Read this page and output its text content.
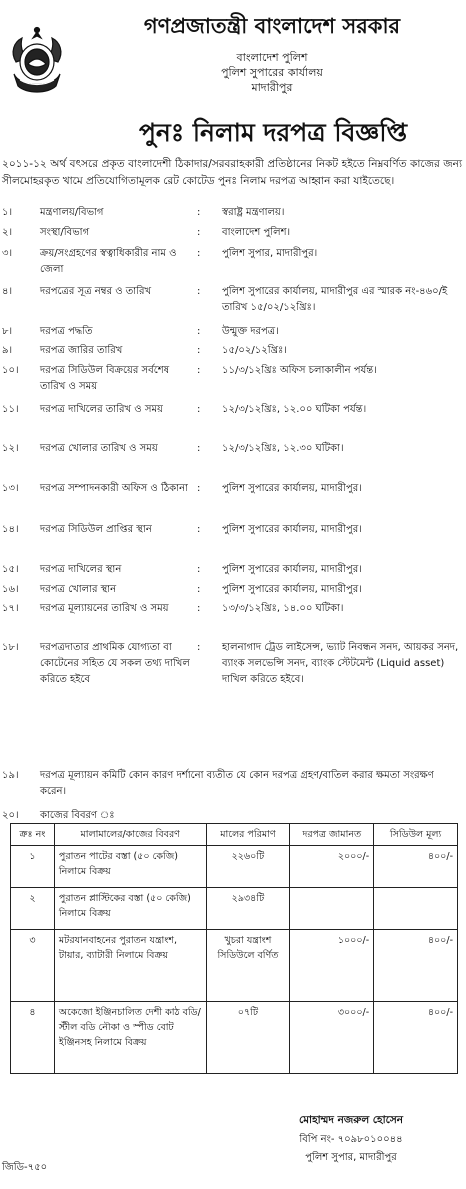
গণপ্রজাতন্ত্রী বাংলাদেশ সরকার
বাংলাদেশ পুলিশ
পুলিশ সুপারের কার্যালয়
মাদারীপুর
পুনঃ নিলাম দরপত্র বিজ্ঞপ্তি
২০১১-১২ অর্থ বৎসরে প্রকৃত বাংলাদেশী ঠিকাদার/সরবরাহকারী প্রতিষ্ঠানের নিকট হইতে নিম্নবর্ণিত কাজের জন্য সীলমোহরকৃত খামে প্রতিযোগিতামূলক রেট কোটেড পুনঃ নিলাম দরপত্র আহ্বান করা যাইতেছে।
১।	মন্ত্রণালয়/বিভাগ	:	স্বরাষ্ট্র মন্ত্রণালয়।
২।	সংস্থা/বিভাগ	:	বাংলাদেশ পুলিশ।
৩।	ক্রয়/সংগ্রহণের স্বত্বাধিকারীর নাম ও জেলা
:	পুলিশ সুপার, মাদারীপুর।
৪।	দরপত্রের সূত্র নম্বর ও তারিখ	:	পুলিশ সুপারের কার্যালয়, মাদারীপুর এর স্মারক নং-৪৬০/ই তারিখ ১৫/০২/১২খ্রিঃ।
৮।	দরপত্র পদ্ধতি	:	উন্মুক্ত দরপত্র।
৯।	দরপত্র জারির তারিখ	:	১৫/০২/১২খ্রিঃ।
১০।	দরপত্র সিডিউল বিক্রয়ের সর্বশেষ তারিখ ও সময়
:	১১/৩/১২খ্রিঃ অফিস চলাকালীন পর্যন্ত।
১১।	দরপত্র দাখিলের তারিখ ও সময়	:	১২/৩/১২খ্রিঃ, ১২.০০ ঘটিকা পর্যন্ত।
১২।	দরপত্র খোলার তারিখ ও সময়	:	১২/৩/১২খ্রিঃ, ১২.৩০ ঘটিকা।
১৩।	দরপত্র সম্পাদনকারী অফিস ও ঠিকানা :	পুলিশ সুপারের কার্যালয়, মাদারীপুর।
১৪।	দরপত্র সিডিউল প্রাপ্তির স্থান	:	পুলিশ সুপারের কার্যালয়, মাদারীপুর।
১৫।	দরপত্র দাখিলের স্থান	:	পুলিশ সুপারের কার্যালয়, মাদারীপুর।
১৬।	দরপত্র খোলার স্থান	:	পুলিশ সুপারের কার্যালয়, মাদারীপুর।
১৭।	দরপত্র মূল্যায়নের তারিখ ও সময়	:	১৩/৩/১২খ্রিঃ, ১৪.০০ ঘটিকা।
১৮।	দরপত্রদাতার প্রাথমিক যোগ্যতা বা কোটেনের সহিত যে সকল তথ্য দাখিল করিতে হইবে
:	হালনাগাদ ট্রেড লাইসেন্স, ভ্যাট নিবন্ধন সনদ, আয়কর সনদ, ব্যাংক সলভেন্সি সনদ, ব্যাংক স্টেটমেন্ট (Liquid asset) দাখিল করিতে হইবে।
১৯।	দরপত্র মূল্যায়ন কমিটি কোন কারণ দর্শানো ব্যতীত যে কোন দরপত্র গ্রহণ/বাতিল করার ক্ষমতা সংরক্ষণ করেন।
২০। কাজের বিবরণ ঃ
ক্রঃ নং	মালামালের/কাজের বিবরণ	মালের পরিমাণ	দরপত্র জামানত	সিডিউল মূল্য
১	পুরাতন পাটের বস্তা (৫০ কেজি) নিলামে বিক্রয়	২২৬০টি	২০০০/-	৪০০/-
২	পুরাতন প্লাস্টিকের বস্তা (৫০ কেজি) নিলামে বিক্রয়	২৯৩৪টি		
৩	মটরযানবাহনের পুরাতন যন্ত্রাংশ, টায়ার, ব্যাটারী নিলামে বিক্রয়	খুচরা যন্ত্রাংশ সিডিউলে বর্ণিত	১০০০/-	৪০০/-
৪	অকেজো ইঞ্জিনচালিত দেশী কাঠ বডি/স্টীল বডি নৌকা ও স্পীড বোট ইঞ্জিনসহ নিলামে বিক্রয়	০৭টি	৩০০০/-	৪০০/-
মোহাম্মদ নজরুল হোসেন
বিপি নং- ৭০৯৮০১০০৪৪
পুলিশ সুপার, মাদারীপুর
জিডি-৭৫০
